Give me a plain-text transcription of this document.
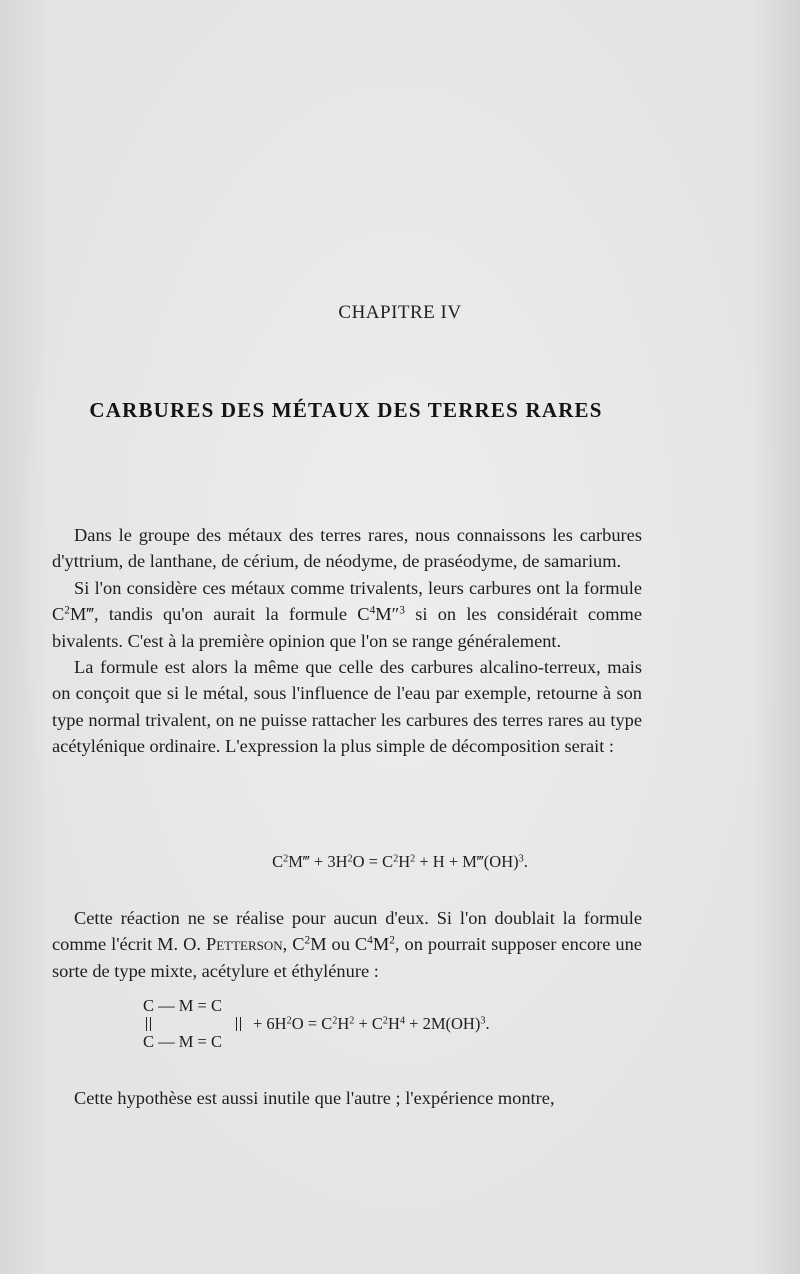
CHAPITRE IV
CARBURES DES MÉTAUX DES TERRES RARES

Dans le groupe des métaux des terres rares, nous connaissons les carbures d'yttrium, de lanthane, de cérium, de néodyme, de praséodyme, de samarium.

Si l'on considère ces métaux comme trivalents, leurs carbures ont la formule $C^2M‴$, tandis qu'on aurait la formule $C^4M''^3$ si on les considérait comme bivalents. C'est à la première opinion que l'on se range généralement.

La formule est alors la même que celle des carbures alcalino-terreux, mais on conçoit que si le métal, sous l'influence de l'eau par exemple, retourne à son type normal trivalent, on ne puisse rattacher les carbures des terres rares au type acétylénique ordinaire. L'expression la plus simple de décomposition serait :

$C^2M‴ + 3H^2O = C^2H^2 + H$ + M‴(OH)$^3$.

Cette réaction ne se réalise pour aucun d'eux. Si l'on doublait la formule comme l'écrit M. O. Petterson, $C^2M$ ou $C^4M^2$, on pourrait supposer encore une sorte de type mixte, acétylure et éthylénure :

C — M = C
+ $6H^2O = C^2H^2 + C^2H^4 + 2M(OH)^3$.
C — M = C

Cette hypothèse est aussi inutile que l'autre ; l'expérience montre,
